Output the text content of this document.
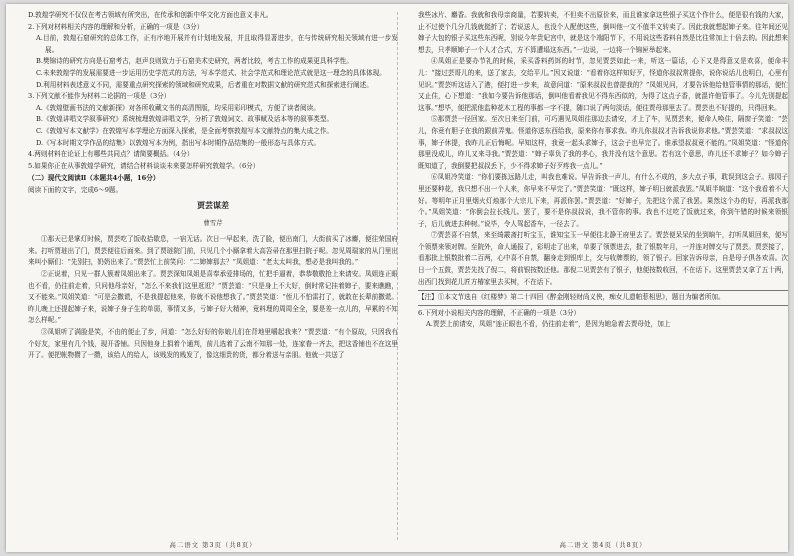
D.敦煌学研究不仅仅在考古领域有所突出，在传承和创新中华文化方面也意义非凡。

2.下列对材料相关内容的理解和分析，正确的一项是（3分）

A.目前，敦煌石窟研究的总体工作，正有序地开展并有计划地发展，并且取得显著进步，在与传统研究相关领域有进一步发展。

B.樊锦诗的研究方向是石窟考古，赵声良则致力于石窟美术史研究，两者比较，考古工作的成果更具科学性。

C.未来敦煌学的发展需要进一步运用历史学范式的方法，写本学范式、社会学范式和理论范式就是这一理念的具体体现。

D.利用材料表述意义不同，需要重点研究探索的领域和研究成果，后者重在对数据文献的研究范式和探索进行阐述。

3.下列文献不能作为材料二论据的一项是（3分）

A.《敦煌壁画书法的文献新探》对各所收藏文书的高清图版，均采用彩印模式，方便了读者阅读。

B.《敦煌讲唱文学叙事研究》系统梳理敦煌讲唱文学，分析了敦煌词文、故事赋及话本等的叙事类型。

C.《敦煌写本文献学》在敦煌写本学理论方面深入探索，是全面考察敦煌写本文献特点的集大成之作。

D.《写本时期文学作品的结集》以敦煌写本为例，指出写本时期作品结集的一般形态与具体方式。

4.两则材料在论证上有哪些共同点？请简要概括。（4分）

5.如果你正在从事敦煌学研究，请结合材料谈谈未来要怎样研究敦煌学。（6分）

（二）现代文阅读Ⅱ（本题共4小题，16分）

阅读下面的文字，完成6～9题。

贾芸谋差

曹雪芹

①那天已是掌灯时候，贾芸吃了饭收拾歇息，一宿无话。次日一早起来，洗了脸，便出南门，大街前买了冰麝，便往荣国府来。打听贾琏出了门，贾芸便往后面来。到了贾琏院门前，只见几个小厮拿着大高笤帚在那里扫院子呢。忽见周瑞家的从门里出来叫小厮们：“先别扫，奶奶出来了。”贾芸忙上前笑问：“二婶婶那去？”凤姐道：“老太太叫我，想必是我叫我的。”

②正说着，只见一群人簇着凤姐出来了。贾芸深知凤姐是喜奉承爱排场的，忙把手逼着，恭恭敬敬抢上来请安。凤姐连正眼也不看，仍往前走着，只问他母亲好，“怎么不来我们这里逛逛？”贾芸道：“只是身上不大好，倒时常记挂着婶子，要来瞧瞧，又不能来。”凤姐笑道：“可是会撒谎，不是我提起他来，你就不说他想我了。”贾芸笑道：“侄儿不怕雷打了，就敢在长辈前撒谎。昨儿晚上还提起婶子来，说婶子身子生的单弱，事情又多，亏婶子好大精神，竟料理的周周全全，要是差一点儿的，早累的不知怎么样呢。”

③凤姐听了满脸是笑，不由的便止了步，问道：“怎么好好的你娘儿们在背地里嚼起我来？”贾芸道：“有个原故，只因我有个好友，家里有几个钱，现开香铺。只因他身上捐着个通判，前儿选着了云南不知那一处，连家眷一齐去，把这香铺也不在这里开了。便把帐物攒了一攒，该给人的给人，该贱发的贱发了，像这细贵的货，都分着送与亲朋。他就一共送了

我些冰片、麝香。我就和我母亲商量，若要转卖，不但卖不出原价来，而且谁家拿这些银子买这个作什么，便是很有钱的大家，止不过使个几分几钱就挺折了；若说送人，也没个人配使这些，倒叫他一文不值半文转卖了。因此我就想起婶子来。往年间还见婶子大包的银子买这些东西呢，别说今年贵妃宫中，就是这个端阳节下，不用说这些香料自然是比往常加上十倍去的。因此想来想去，只孝顺婶子一个人才合式，方不算遭塌这东西。”一边说，一边将一个锦匣举起来。

④凤姐正是要办节礼的时候，采买香料药饵的时节，忽见贾芸如此一来，听这一篇话，心下又是得意又是欢喜，便命丰儿：“接过芸哥儿的来，送了家去，交给平儿。”因又说道：“看着你这样知好歹，怪道你叔叔常提你，说你说话儿也明白，心里有见识。”贾芸听这话入了港，便打进一步来，故意问道：“原来叔叔也曾提我的？”凤姐见问，才要告诉他给他管事情的那话，便忙又止住，心下想道：“我如今要告诉他那话，倒叫他看着我见不得东西似的，为得了这点子香，就混许他管事了。今儿先别提起这事。”想毕，便把派他监种花木工程的事都一字不提，随口说了两句淡话，便往贾母那里去了。贾芸也不好提的，只得回来。

⑤那贾芸一径回家。至次日来至门前，可巧遇见凤姐往那边去请安，才上了车，见贾芸来，便命人唤住，隔窗子笑道：“芸儿，你竟有胆子在我的跟前弄鬼。怪道你送东西给我，原来你有事求我。昨儿你叔叔才告诉我说你求他。”贾芸笑道：“求叔叔这事，婶子休提，我昨儿正后悔呢。早知这样，我竟一起头求婶子，这会子也早完了。谁承望叔叔竟不能的。”凤姐笑道：“怪道你那里没成儿，昨儿又来寻我。”贾芸道：“婶子辜负了我的孝心，我并没有这个意思。若有这个意思，昨儿还不求婶子？如今婶子既知道了，我倒要把叔叔丢下，少不得求婶子好歹疼我一点儿。”

⑥凤姐冷笑道：“你们要拣远路儿走，叫我也难说。早告诉我一声儿，有什么不成的，多大点子事，耽误到这会子。那园子里还要种花，我只想不出一个人来，你早来不早完了。”贾芸笑道：“既这样，婶子明日就派我罢。”凤姐半晌道：“这个我看着不大好。等明年正月里烟火灯烛那个大宗儿下来，再派你罢。”贾芸道：“好婶子，先把这个派了我罢。果然这个办的好，再派我那个。”凤姐笑道：“你倒会拉长线儿。罢了，要不是你叔叔说，我不管你的事。我也不过吃了饭就过来，你到午错的时候来领银子，后儿就进去种树。”说毕，令人驾起香车，一径去了。

⑦贾芸喜不自禁，来至绮霰斋打听宝玉，谁知宝玉一早便往北静王府里去了。贾芸便呆呆的坐到晌午，打听凤姐回来，便写个领票来领对牌。至院外，命人通报了，彩明走了出来，单要了领票进去，批了银数年月，一并连对牌交与了贾芸。贾芸接了，看那批上银数批着二百两，心中喜不自禁，翻身走到银库上，交与收牌票的，领了银子。回家告诉母亲，自是母子俱各欢喜。次日一个五鼓，贾芸先找了倪二，将前银按数还他。那倪二见贾芸有了银子，他便按数收回，不在话下。这里贾芸又拿了五十两，出西门找到花儿匠方椿家里去买树，不在话下。

【注】①本文节选自《红楼梦》第二十四回《醉金刚轻财尚义侠，痴女儿遗帕惹相思》，题目为编者所加。

6.下列对小说相关内容的理解，不正确的一项是（3分）

A.贾芸上前请安，凤姐“连正眼也不看，仍往前走着”，是因为她急着去贾母处，加上

高二语文 第3页（共8页）	高二语文 第4页（共8页）
